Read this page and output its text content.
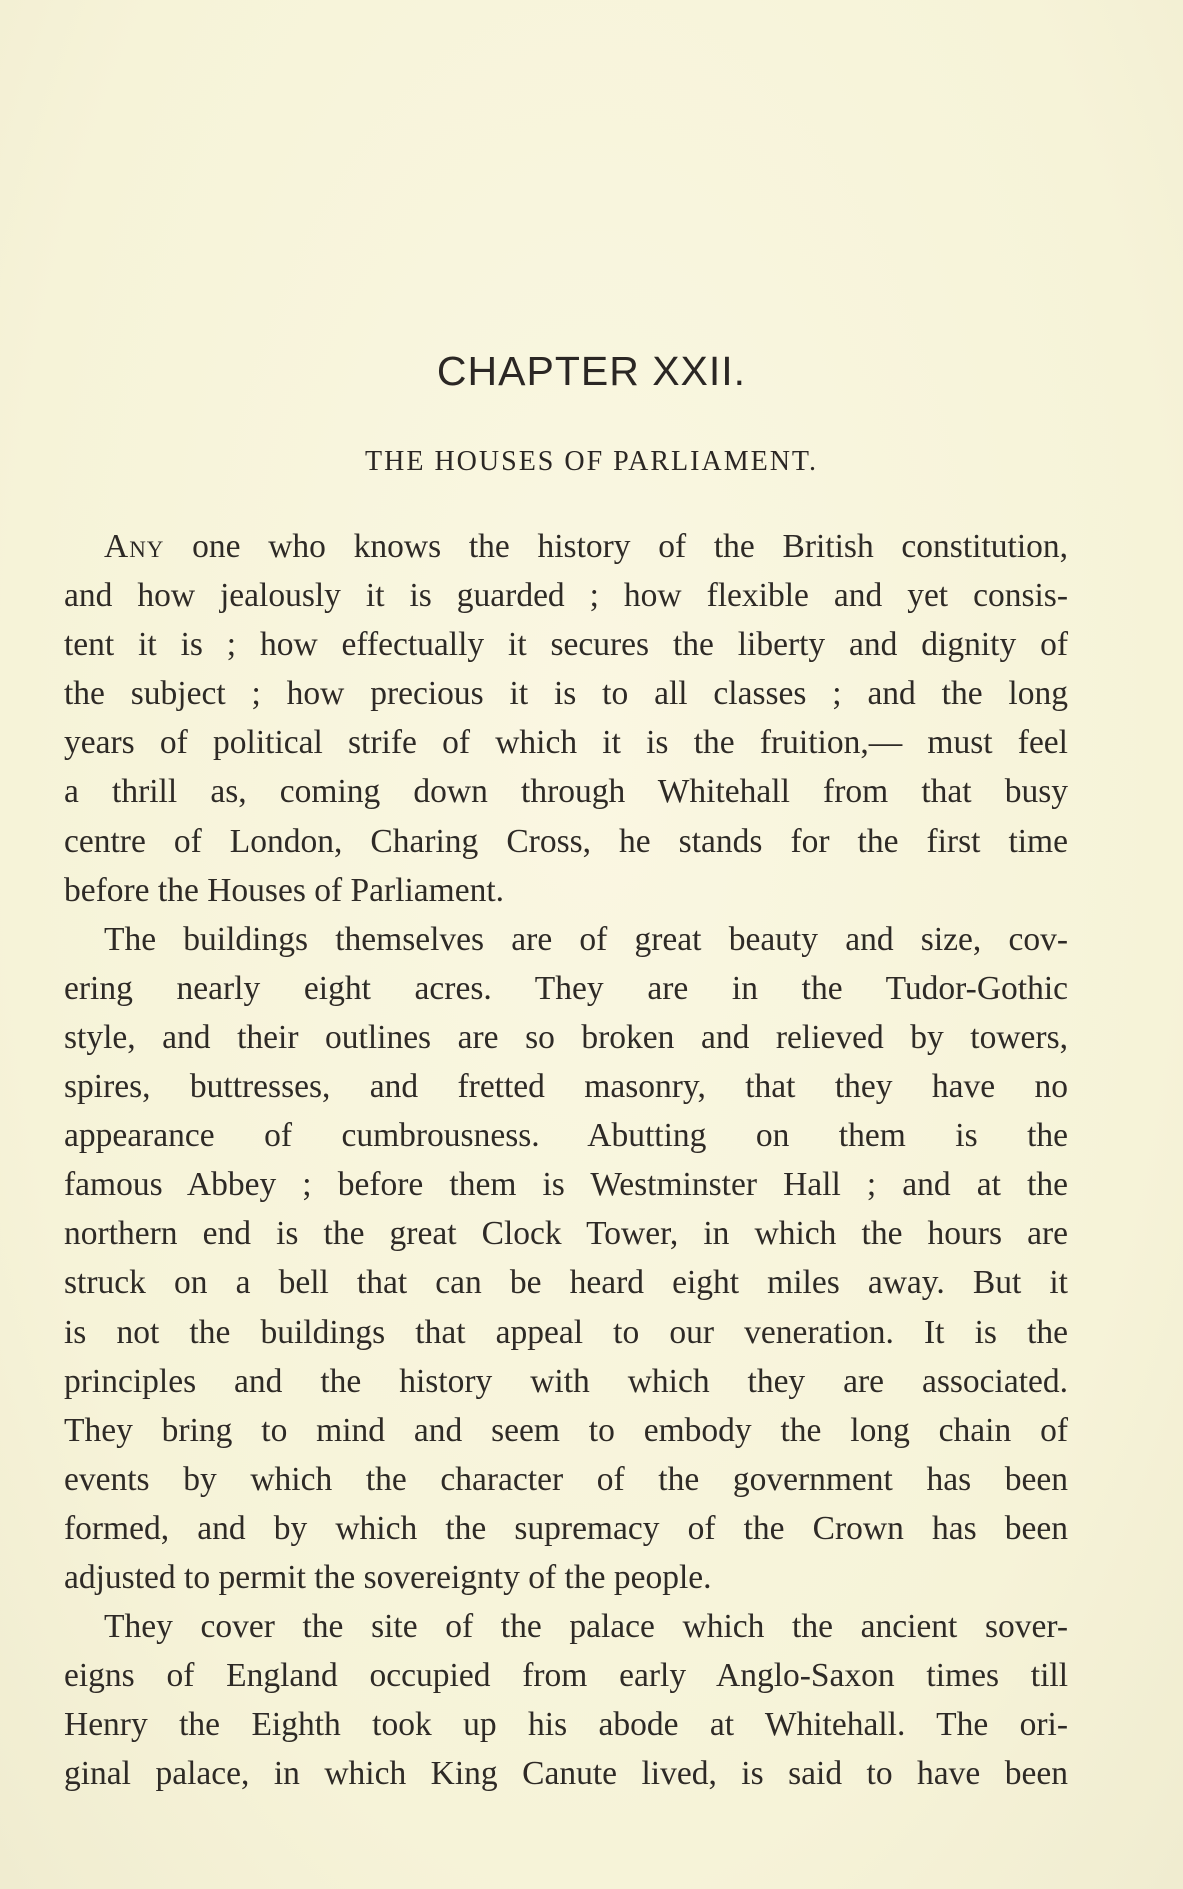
CHAPTER XXII.
THE HOUSES OF PARLIAMENT.
Any one who knows the history of the British constitution,
and how jealously it is guarded ; how flexible and yet consis-
tent it is ; how effectually it secures the liberty and dignity of
the subject ; how precious it is to all classes ; and the long
years of political strife of which it is the fruition,— must feel
a thrill as, coming down through Whitehall from that busy
centre of London, Charing Cross, he stands for the first time
before the Houses of Parliament.
The buildings themselves are of great beauty and size, cov-
ering nearly eight acres. They are in the Tudor-Gothic
style, and their outlines are so broken and relieved by towers,
spires, buttresses, and fretted masonry, that they have no
appearance of cumbrousness. Abutting on them is the
famous Abbey ; before them is Westminster Hall ; and at the
northern end is the great Clock Tower, in which the hours are
struck on a bell that can be heard eight miles away. But it
is not the buildings that appeal to our veneration. It is the
principles and the history with which they are associated.
They bring to mind and seem to embody the long chain of
events by which the character of the government has been
formed, and by which the supremacy of the Crown has been
adjusted to permit the sovereignty of the people.
They cover the site of the palace which the ancient sover-
eigns of England occupied from early Anglo-Saxon times till
Henry the Eighth took up his abode at Whitehall. The ori-
ginal palace, in which King Canute lived, is said to have been
